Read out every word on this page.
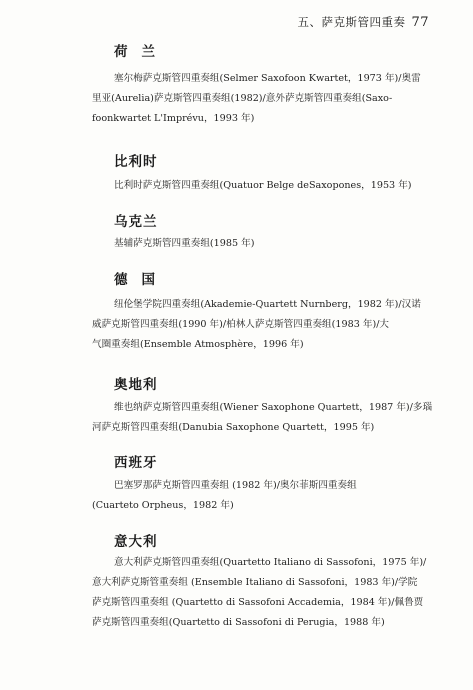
五、萨克斯管四重奏 77
荷兰
塞尔梅萨克斯管四重奏组(Selmer Saxofoon Kwartet，1973 年)/奥雷
里亚(Aurelia)萨克斯管四重奏组(1982)/意外萨克斯管四重奏组(Saxo-
foonkwartet L'Imprévu，1993 年)
比利时
比利时萨克斯管四重奏组(Quatuor Belge deSaxopones，1953 年)
乌克兰
基辅萨克斯管四重奏组(1985 年)
德国
纽伦堡学院四重奏组(Akademie-Quartett Nurnberg，1982 年)/汉诺
威萨克斯管四重奏组(1990 年)/柏林人萨克斯管四重奏组(1983 年)/大
气圈重奏组(Ensemble Atmosphère，1996 年)
奥地利
维也纳萨克斯管四重奏组(Wiener Saxophone Quartett，1987 年)/多瑙
河萨克斯管四重奏组(Danubia Saxophone Quartett，1995 年)
西班牙
巴塞罗那萨克斯管四重奏组 (1982 年)/奥尔菲斯四重奏组
(Cuarteto Orpheus，1982 年)
意大利
意大利萨克斯管四重奏组(Quartetto Italiano di Sassofoni，1975 年)/
意大利萨克斯管重奏组 (Ensemble Italiano di Sassofoni，1983 年)/学院
萨克斯管四重奏组 (Quartetto di Sassofoni Accademia，1984 年)/佩鲁贾
萨克斯管四重奏组(Quartetto di Sassofoni di Perugia，1988 年)
